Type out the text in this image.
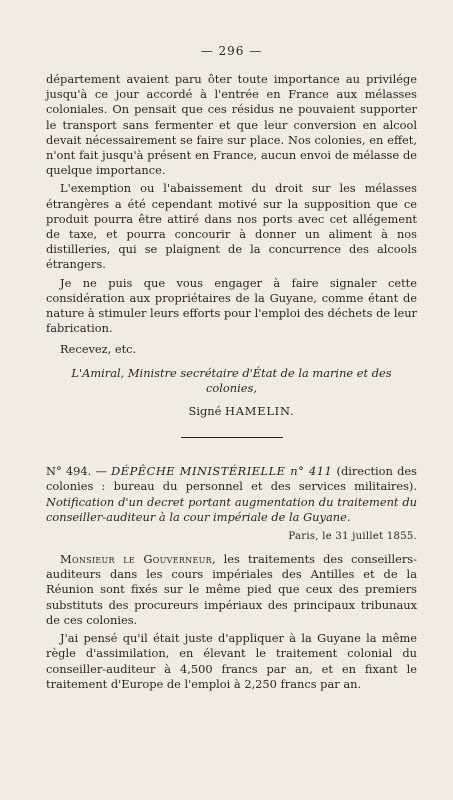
— 296 —

département avaient paru ôter toute importance au privilége jusqu'à ce jour accordé à l'entrée en France aux mélasses coloniales. On pensait que ces résidus ne pouvaient supporter le transport sans fermenter et que leur conversion en alcool devait nécessairement se faire sur place. Nos colonies, en effet, n'ont fait jusqu'à présent en France, aucun envoi de mélasse de quelque importance.

L'exemption ou l'abaissement du droit sur les mélasses étrangères a été cependant motivé sur la supposition que ce produit pourra être attiré dans nos ports avec cet allégement de taxe, et pourra concourir à donner un aliment à nos distilleries, qui se plaignent de la concurrence des alcools étrangers.

Je ne puis que vous engager à faire signaler cette considération aux propriétaires de la Guyane, comme étant de nature à stimuler leurs efforts pour l'emploi des déchets de leur fabrication.

Recevez, etc.
L'Amiral, Ministre secrétaire d'État de la marine et des colonies,
Signé HAMELIN.

N° 494. — DÉPÊCHE MINISTÉRIELLE n° 411 (direction des colonies : bureau du personnel et des services militaires). Notification d'un decret portant augmentation du traitement du conseiller-auditeur à la cour impériale de la Guyane.

Paris, le 31 juillet 1855.

Monsieur le Gouverneur, les traitements des conseillers-auditeurs dans les cours impériales des Antilles et de la Réunion sont fixés sur le même pied que ceux des premiers substituts des procureurs impériaux des principaux tribunaux de ces colonies.

J'ai pensé qu'il était juste d'appliquer à la Guyane la même règle d'assimilation, en élevant le traitement colonial du conseiller-auditeur à 4,500 francs par an, et en fixant le traitement d'Europe de l'emploi à 2,250 francs par an.
